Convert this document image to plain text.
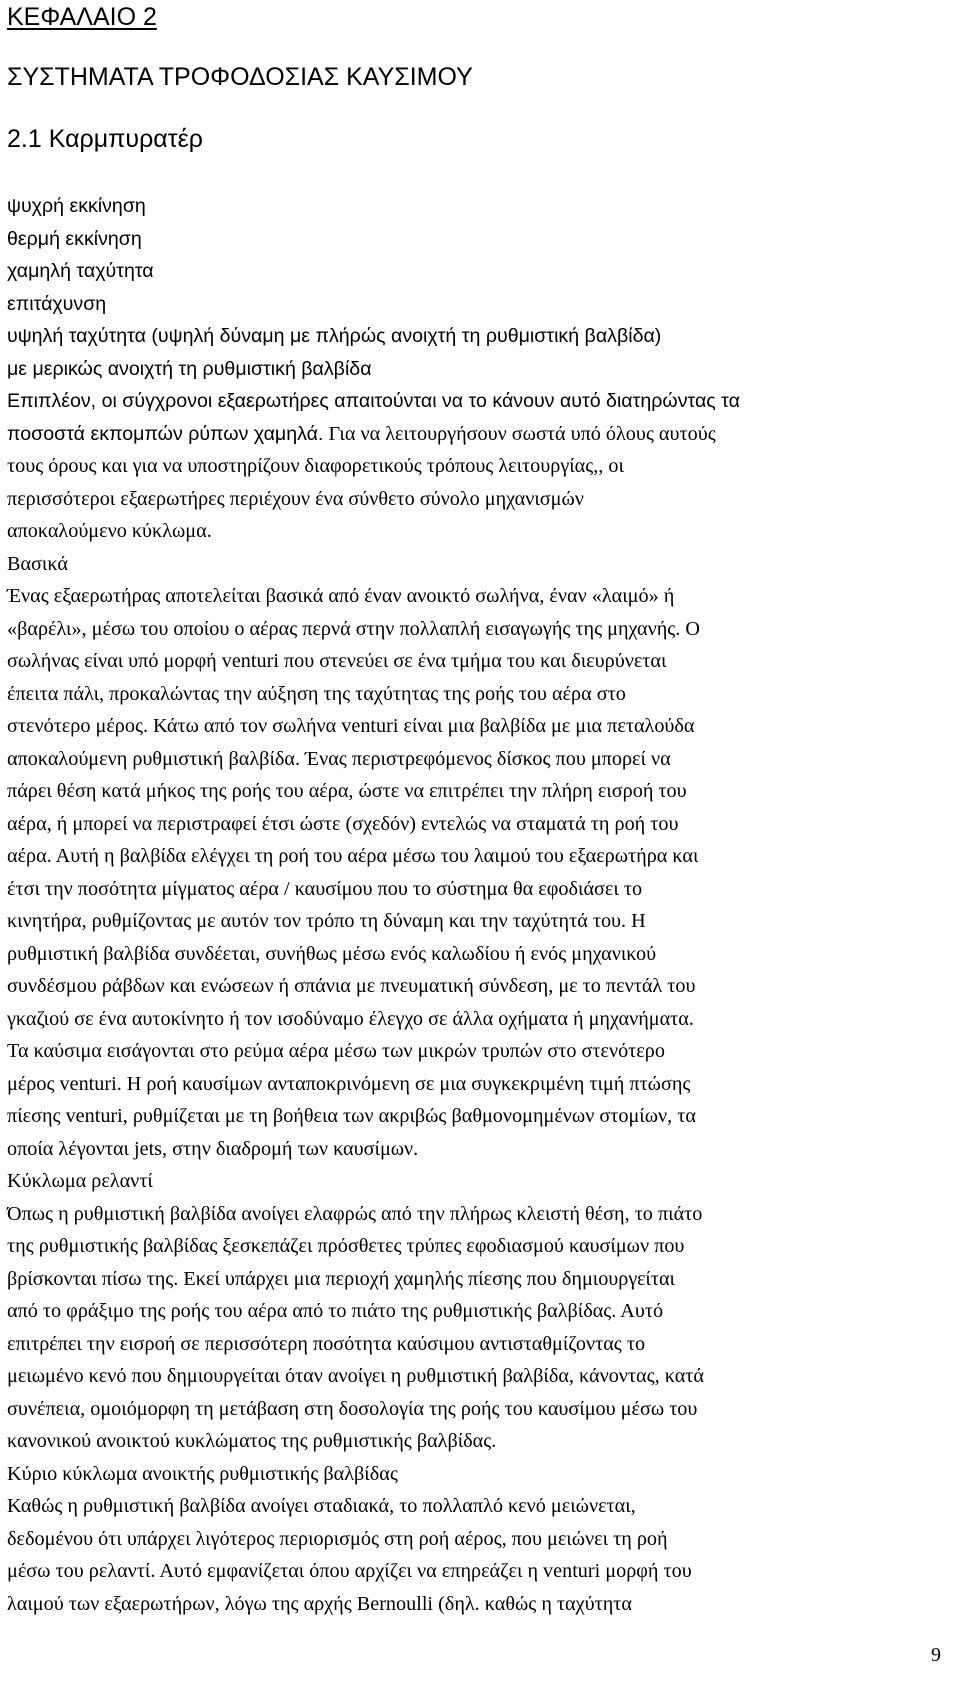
ΚΕΦΑΛΑΙΟ 2
ΣΥΣΤΗΜΑΤΑ ΤΡΟΦΟΔΟΣΙΑΣ ΚΑΥΣΙΜΟΥ
2.1 Καρμπυρατέρ
ψυχρή εκκίνηση
θερμή εκκίνηση
χαμηλή ταχύτητα
επιτάχυνση
υψηλή ταχύτητα (υψηλή δύναμη με πλήρώς ανοιχτή τη ρυθμιστική βαλβίδα)
με μερικώς ανοιχτή τη ρυθμιστική βαλβίδα
Επιπλέον, οι σύγχρονοι εξαερωτήρες απαιτούνται να το κάνουν αυτό διατηρώντας τα
ποσοστά εκπομπών ρύπων χαμηλά. Για να λειτουργήσουν σωστά υπό όλους αυτούς
τους όρους και για να υποστηρίζουν διαφορετικούς τρόπους λειτουργίας,, οι
περισσότεροι εξαερωτήρες περιέχουν ένα σύνθετο σύνολο μηχανισμών
αποκαλούμενο κύκλωμα.
Βασικά
Ένας εξαερωτήρας αποτελείται βασικά από έναν ανοικτό σωλήνα, έναν «λαιμό» ή
«βαρέλι», μέσω του οποίου ο αέρας περνά στην πολλαπλή εισαγωγής της μηχανής. Ο
σωλήνας είναι υπό μορφή venturi που στενεύει σε ένα τμήμα του και διευρύνεται
έπειτα πάλι, προκαλώντας την αύξηση της ταχύτητας της ροής του αέρα στο
στενότερο μέρος. Κάτω από τον σωλήνα venturi είναι μια βαλβίδα με μια πεταλούδα
αποκαλούμενη ρυθμιστική βαλβίδα. Ένας περιστρεφόμενος δίσκος που μπορεί να
πάρει θέση κατά μήκος της ροής του αέρα, ώστε να επιτρέπει την πλήρη εισροή του
αέρα, ή μπορεί να περιστραφεί έτσι ώστε (σχεδόν) εντελώς να σταματά τη ροή του
αέρα. Αυτή η βαλβίδα ελέγχει τη ροή του αέρα μέσω του λαιμού του εξαερωτήρα και
έτσι την ποσότητα μίγματος αέρα / καυσίμου που το σύστημα θα εφοδιάσει το
κινητήρα, ρυθμίζοντας με αυτόν τον τρόπο τη δύναμη και την ταχύτητά του. Η
ρυθμιστική βαλβίδα συνδέεται, συνήθως μέσω ενός καλωδίου ή ενός μηχανικού
συνδέσμου ράβδων και ενώσεων ή σπάνια με πνευματική σύνδεση, με το πεντάλ του
γκαζιού σε ένα αυτοκίνητο ή τον ισοδύναμο έλεγχο σε άλλα οχήματα ή μηχανήματα.
Τα καύσιμα εισάγονται στο ρεύμα αέρα μέσω των μικρών τρυπών στο στενότερο
μέρος venturi. Η ροή καυσίμων ανταποκρινόμενη σε μια συγκεκριμένη τιμή πτώσης
πίεσης venturi, ρυθμίζεται με τη βοήθεια των ακριβώς βαθμονομημένων στομίων, τα
οποία λέγονται jets, στην διαδρομή των καυσίμων.
Κύκλωμα ρελαντί
Όπως η ρυθμιστική βαλβίδα ανοίγει ελαφρώς από την πλήρως κλειστή θέση, το πιάτο
της ρυθμιστικής βαλβίδας ξεσκεπάζει πρόσθετες τρύπες εφοδιασμού καυσίμων που
βρίσκονται πίσω της. Εκεί υπάρχει μια περιοχή χαμηλής πίεσης που δημιουργείται
από το φράξιμο της ροής του αέρα από το πιάτο της ρυθμιστικής βαλβίδας. Αυτό
επιτρέπει την εισροή σε περισσότερη ποσότητα καύσιμου αντισταθμίζοντας το
μειωμένο κενό που δημιουργείται όταν ανοίγει η ρυθμιστική βαλβίδα, κάνοντας, κατά
συνέπεια, ομοιόμορφη τη μετάβαση στη δοσολογία της ροής του καυσίμου μέσω του
κανονικού ανοικτού κυκλώματος της ρυθμιστικής βαλβίδας.
Κύριο κύκλωμα ανοικτής ρυθμιστικής βαλβίδας
Καθώς η ρυθμιστική βαλβίδα ανοίγει σταδιακά, το πολλαπλό κενό μειώνεται,
δεδομένου ότι υπάρχει λιγότερος περιορισμός στη ροή αέρος, που μειώνει τη ροή
μέσω του ρελαντί. Αυτό εμφανίζεται όπου αρχίζει να επηρεάζει η venturi μορφή του
λαιμού των εξαερωτήρων, λόγω της αρχής Bernoulli (δηλ. καθώς η ταχύτητα
9
